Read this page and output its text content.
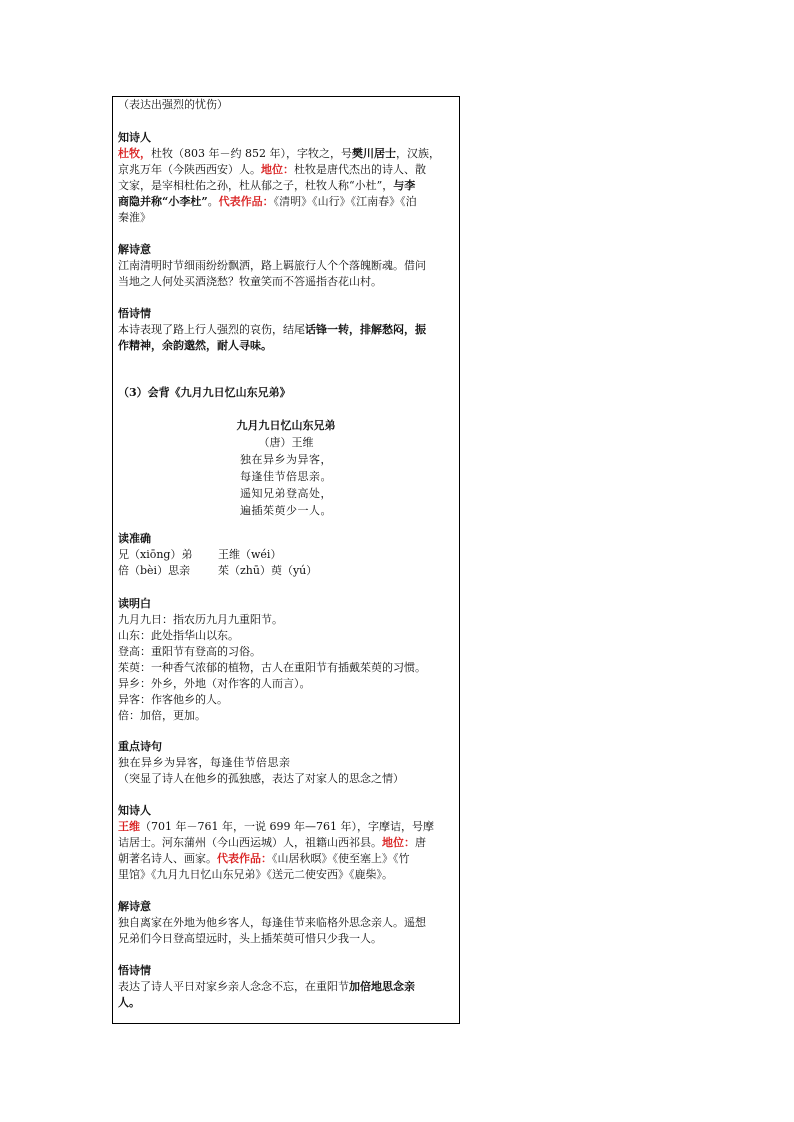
（表达出强烈的忧伤）
知诗人
杜牧，杜牧（803 年－约 852 年），字牧之，号樊川居士，汉族，
京兆万年（今陕西西安）人。地位：杜牧是唐代杰出的诗人、散
文家，是宰相杜佑之孙，杜从郁之子，杜牧人称“小杜”，与李
商隐并称“小李杜”。代表作品：《清明》《山行》《江南春》《泊
秦淮》
解诗意
江南清明时节细雨纷纷飘洒，路上羁旅行人个个落魄断魂。借问
当地之人何处买酒浇愁？牧童笑而不答遥指杏花山村。
悟诗情
本诗表现了路上行人强烈的哀伤，结尾话锋一转，排解愁闷，振
作精神，余韵邈然，耐人寻味。
（3）会背《九月九日忆山东兄弟》
九月九日忆山东兄弟
（唐）王维
独在异乡为异客，
每逢佳节倍思亲。
遥知兄弟登高处，
遍插茱萸少一人。
读准确
兄（xiōng）弟 王维（wéi）
倍（bèi）思亲	茱（zhū）萸（yú）
读明白
九月九日：指农历九月九重阳节。
山东：此处指华山以东。
登高：重阳节有登高的习俗。
茱萸：一种香气浓郁的植物，古人在重阳节有插戴茱萸的习惯。
异乡：外乡，外地（对作客的人而言）。
异客：作客他乡的人。
倍：加倍，更加。
重点诗句
独在异乡为异客，每逢佳节倍思亲
（突显了诗人在他乡的孤独感，表达了对家人的思念之情）
知诗人
王维（701 年－761 年，一说 699 年—761 年），字摩诘，号摩
诘居士。河东蒲州（今山西运城）人，祖籍山西祁县。地位：唐
朝著名诗人、画家。代表作品：《山居秋暝》《使至塞上》《竹
里馆》《九月九日忆山东兄弟》《送元二使安西》《鹿柴》。
解诗意
独自离家在外地为他乡客人，每逢佳节来临格外思念亲人。遥想
兄弟们今日登高望远时，头上插茱萸可惜只少我一人。
悟诗情
表达了诗人平日对家乡亲人念念不忘，在重阳节加倍地思念亲
人。
